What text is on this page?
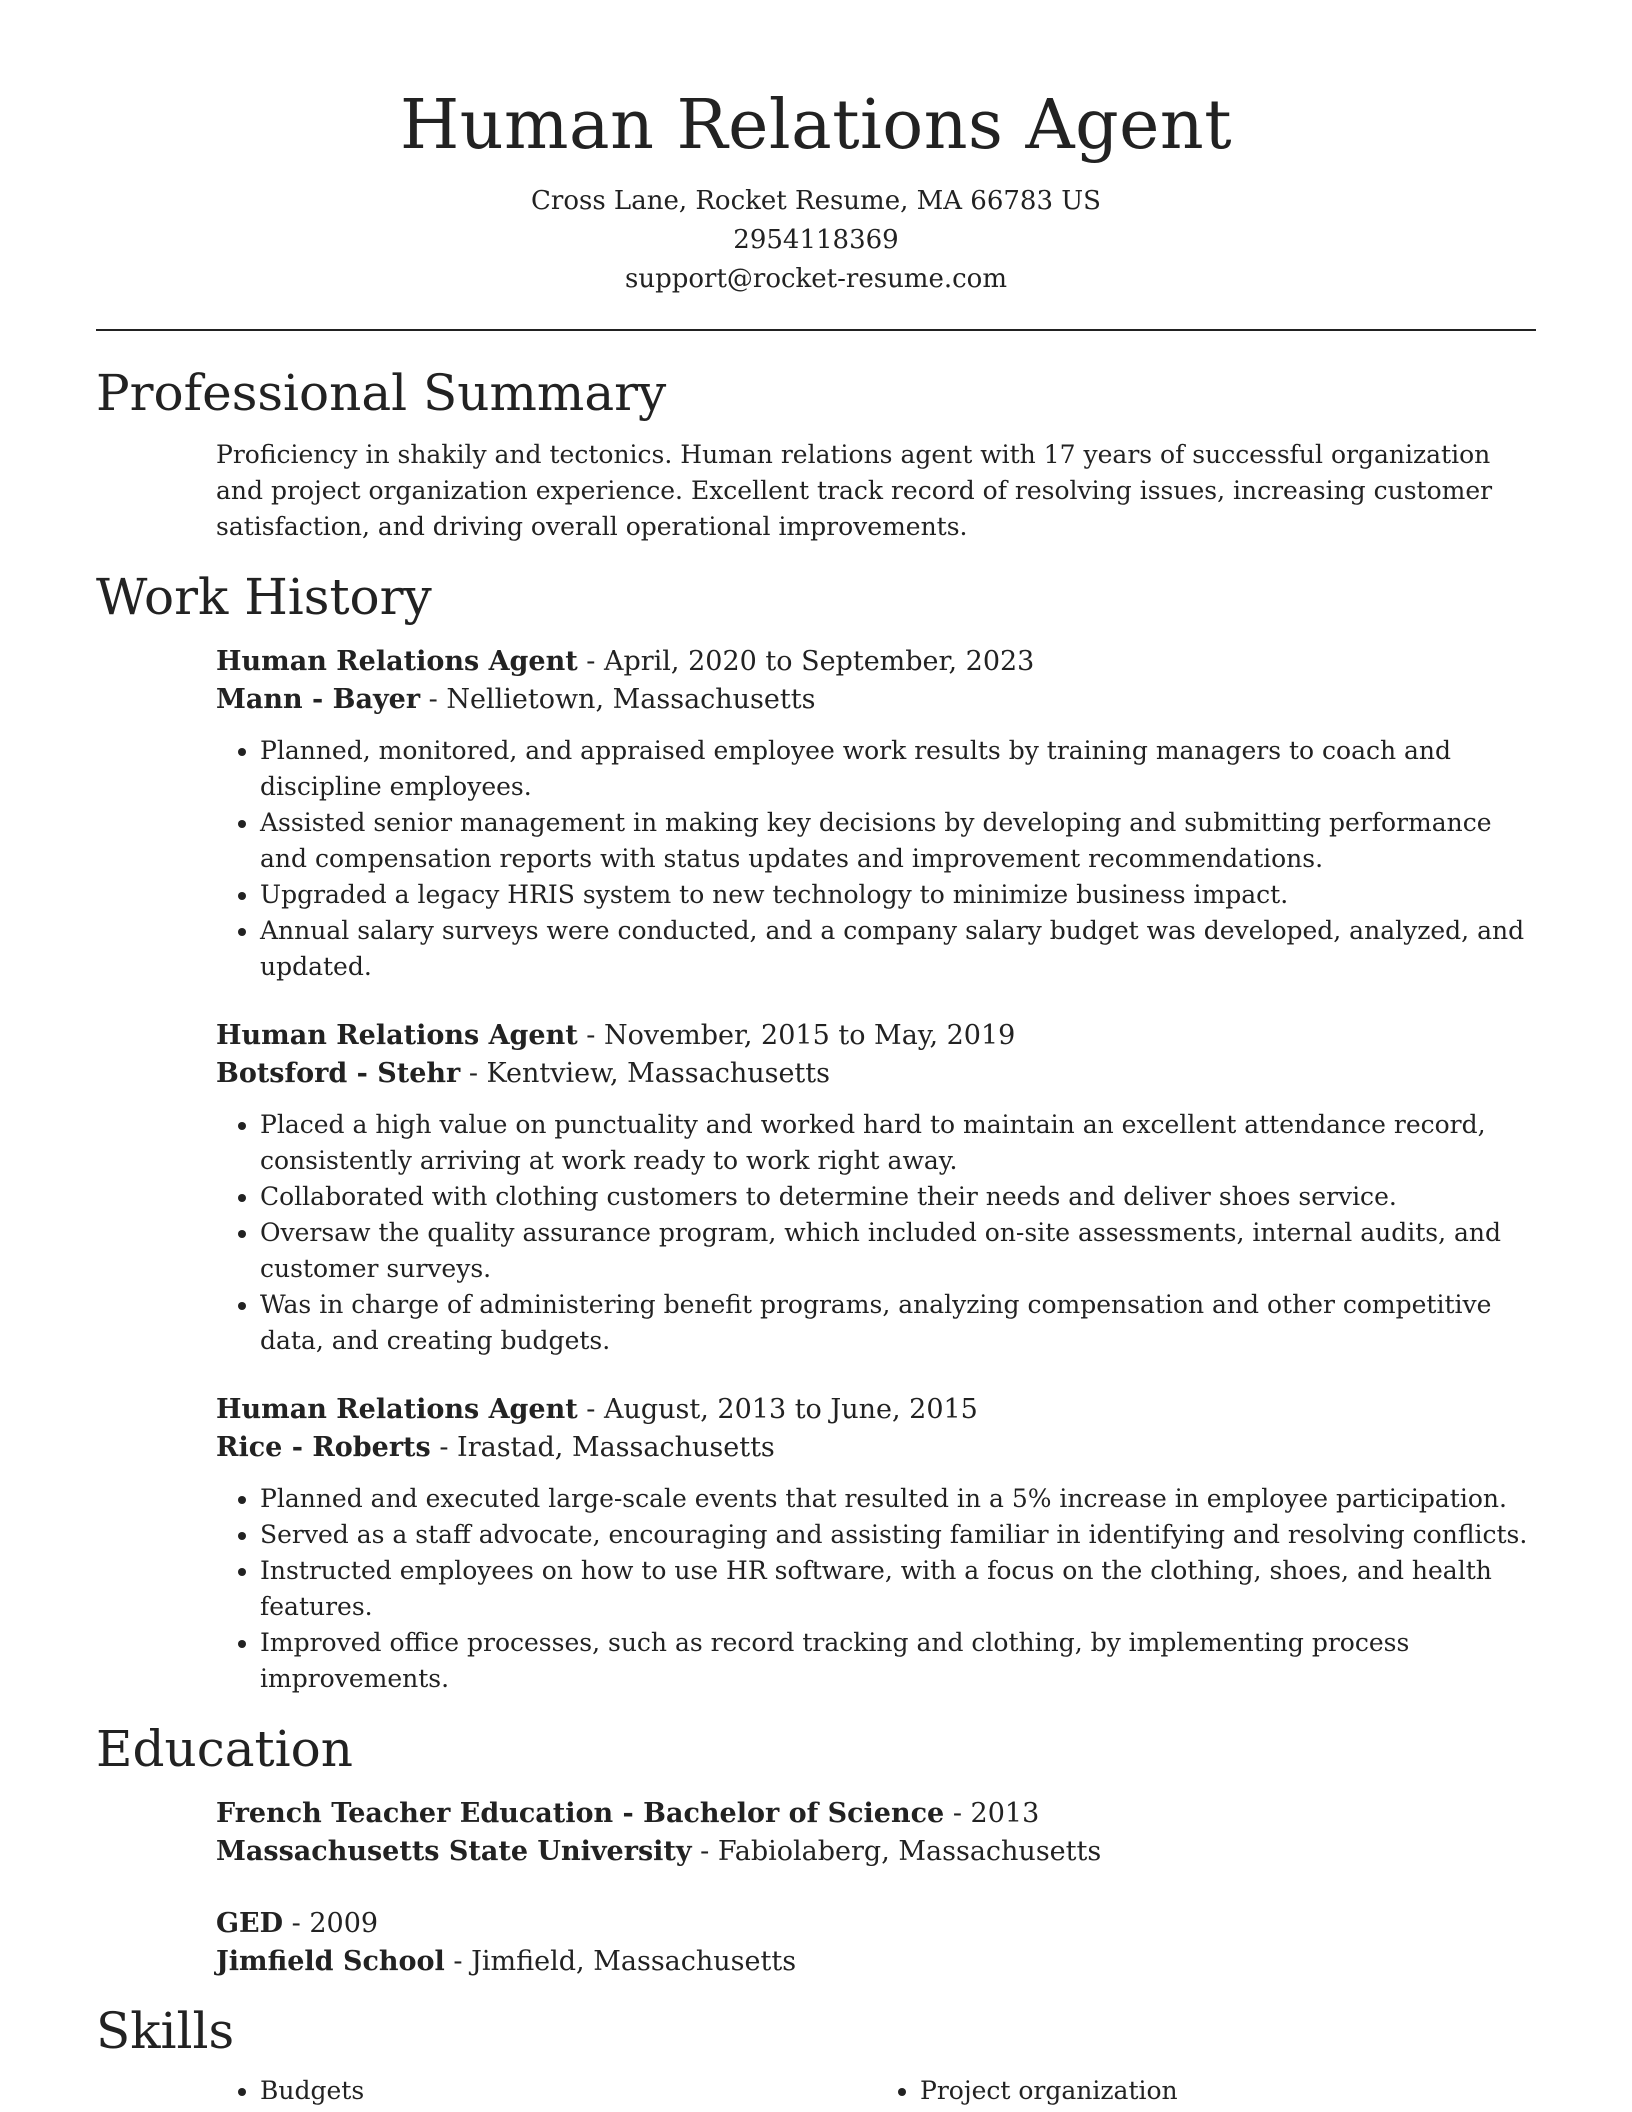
Human Relations Agent
Cross Lane, Rocket Resume, MA 66783 US
2954118369
support@rocket-resume.com
Professional Summary
Proficiency in shakily and tectonics. Human relations agent with 17 years of successful organization and project organization experience. Excellent track record of resolving issues, increasing customer satisfaction, and driving overall operational improvements.
Work History
Human Relations Agent - April, 2020 to September, 2023
Mann - Bayer - Nellietown, Massachusetts
• Planned, monitored, and appraised employee work results by training managers to coach and discipline employees.
• Assisted senior management in making key decisions by developing and submitting performance and compensation reports with status updates and improvement recommendations.
• Upgraded a legacy HRIS system to new technology to minimize business impact.
• Annual salary surveys were conducted, and a company salary budget was developed, analyzed, and updated.
Human Relations Agent - November, 2015 to May, 2019
Botsford - Stehr - Kentview, Massachusetts
• Placed a high value on punctuality and worked hard to maintain an excellent attendance record, consistently arriving at work ready to work right away.
• Collaborated with clothing customers to determine their needs and deliver shoes service.
• Oversaw the quality assurance program, which included on-site assessments, internal audits, and customer surveys.
• Was in charge of administering benefit programs, analyzing compensation and other competitive data, and creating budgets.
Human Relations Agent - August, 2013 to June, 2015
Rice - Roberts - Irastad, Massachusetts
• Planned and executed large-scale events that resulted in a 5% increase in employee participation.
• Served as a staff advocate, encouraging and assisting familiar in identifying and resolving conflicts.
• Instructed employees on how to use HR software, with a focus on the clothing, shoes, and health features.
• Improved office processes, such as record tracking and clothing, by implementing process improvements.
Education
French Teacher Education - Bachelor of Science - 2013
Massachusetts State University - Fabiolaberg, Massachusetts
GED - 2009
Jimfield School - Jimfield, Massachusetts
Skills
• Budgets
•	Project organization
